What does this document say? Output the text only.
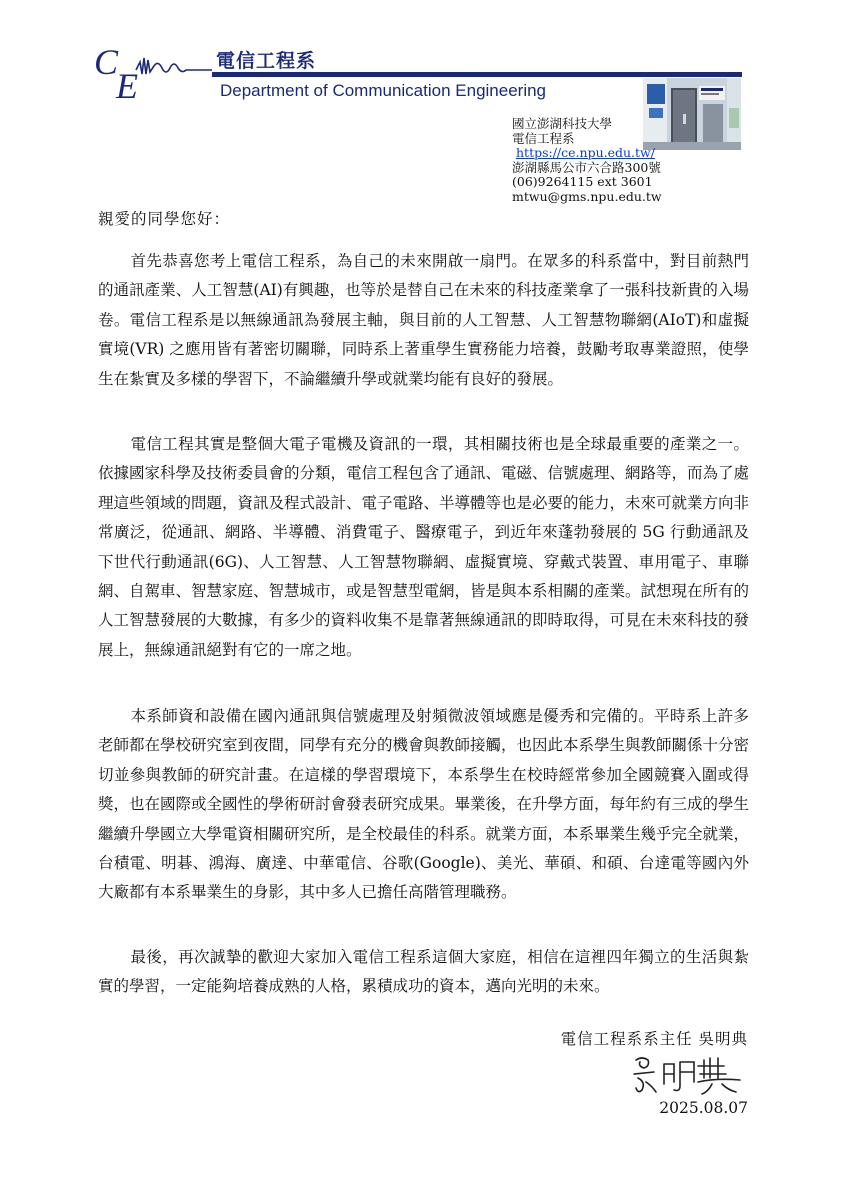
C
E
電信工程系
Department of Communication Engineering
國立澎湖科技大學
電信工程系
https://ce.npu.edu.tw/
澎湖縣馬公市六合路300號
(06)9264115 ext 3601
mtwu@gms.npu.edu.tw
親愛的同學您好：

首先恭喜您考上電信工程系，為自己的未來開啟一扇門。在眾多的科系當中，對目前熱門的通訊產業、人工智慧(AI)有興趣，也等於是替自己在未來的科技產業拿了一張科技新貴的入場卷。電信工程系是以無線通訊為發展主軸，與目前的人工智慧、人工智慧物聯網(AIoT)和虛擬實境(VR) 之應用皆有著密切關聯，同時系上著重學生實務能力培養，鼓勵考取專業證照，使學生在紮實及多樣的學習下，不論繼續升學或就業均能有良好的發展。

電信工程其實是整個大電子電機及資訊的一環，其相關技術也是全球最重要的產業之一。依據國家科學及技術委員會的分類，電信工程包含了通訊、電磁、信號處理、網路等，而為了處理這些領域的問題，資訊及程式設計、電子電路、半導體等也是必要的能力，未來可就業方向非常廣泛，從通訊、網路、半導體、消費電子、醫療電子，到近年來蓬勃發展的 5G 行動通訊及下世代行動通訊(6G)、人工智慧、人工智慧物聯網、虛擬實境、穿戴式裝置、車用電子、車聯網、自駕車、智慧家庭、智慧城市，或是智慧型電網，皆是與本系相關的產業。試想現在所有的人工智慧發展的大數據，有多少的資料收集不是靠著無線通訊的即時取得，可見在未來科技的發展上，無線通訊絕對有它的一席之地。

本系師資和設備在國內通訊與信號處理及射頻微波領域應是優秀和完備的。平時系上許多老師都在學校研究室到夜間，同學有充分的機會與教師接觸，也因此本系學生與教師關係十分密切並參與教師的研究計畫。在這樣的學習環境下，本系學生在校時經常參加全國競賽入圍或得獎，也在國際或全國性的學術研討會發表研究成果。畢業後，在升學方面，每年約有三成的學生繼續升學國立大學電資相關研究所，是全校最佳的科系。就業方面，本系畢業生幾乎完全就業，台積電、明碁、鴻海、廣達、中華電信、谷歌(Google)、美光、華碩、和碩、台達電等國內外大廠都有本系畢業生的身影，其中多人已擔任高階管理職務。

最後，再次誠摯的歡迎大家加入電信工程系這個大家庭，相信在這裡四年獨立的生活與紮實的學習，一定能夠培養成熟的人格，累積成功的資本，邁向光明的未來。

電信工程系系主任 吳明典
2025.08.07
